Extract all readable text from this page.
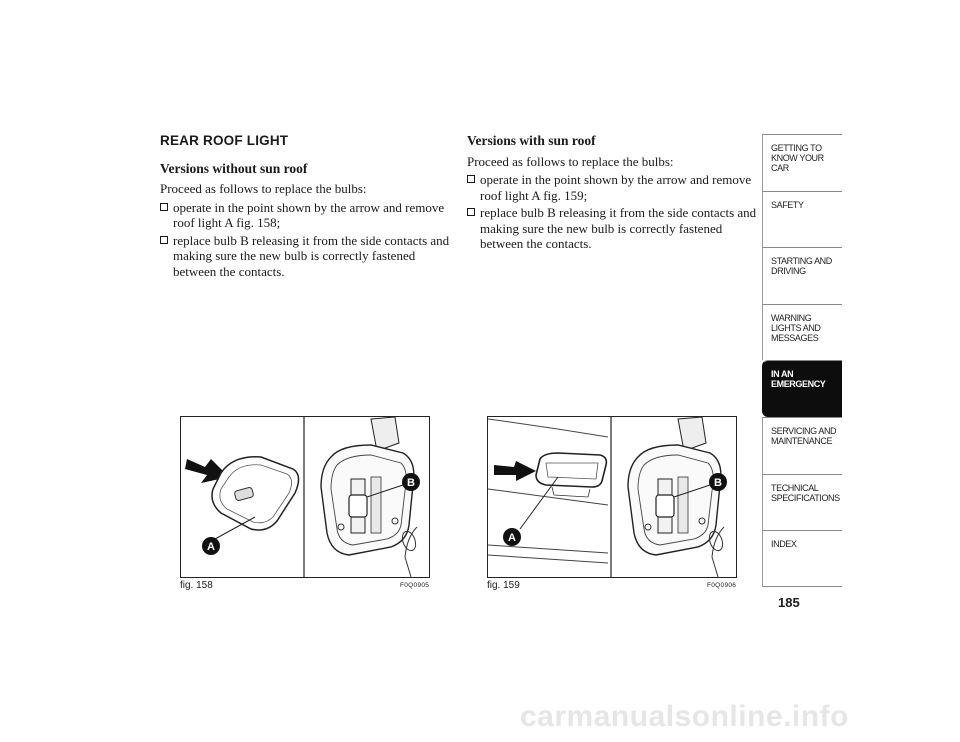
REAR ROOF LIGHT
Versions without sun roof
Proceed as follows to replace the bulbs:
operate in the point shown by the arrow and remove roof light A fig. 158;
replace bulb B releasing it from the side contacts and making sure the new bulb is correctly fastened between the contacts.
Versions with sun roof
Proceed as follows to replace the bulbs:
operate in the point shown by the arrow and remove roof light A fig. 159;
replace bulb B releasing it from the side contacts and making sure the new bulb is correctly fastened between the contacts.
A
B
fig. 158	F0Q0905
A
B
fig. 159	F0Q0906
GETTING TO KNOW YOUR CAR
SAFETY
STARTING AND DRIVING
WARNING LIGHTS AND MESSAGES
IN AN EMERGENCY
SERVICING AND MAINTENANCE
TECHNICAL SPECIFICATIONS
INDEX
185
carmanualsonline.info
